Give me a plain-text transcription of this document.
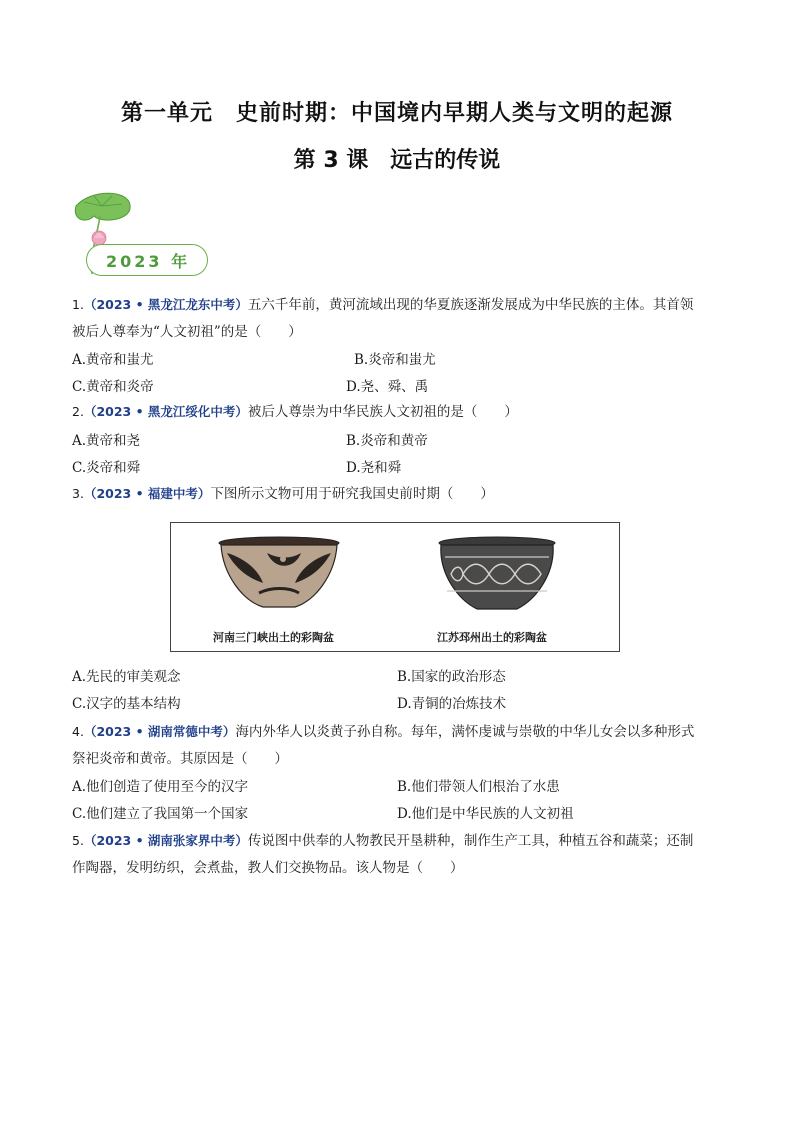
第一单元　史前时期：中国境内早期人类与文明的起源
第 3 课　远古的传说
2023 年
1.（2023 • 黑龙江龙东中考）五六千年前，黄河流域出现的华夏族逐渐发展成为中华民族的主体。其首领
被后人尊奉为“人文初祖”的是（　　）
A.黄帝和蚩尤	B.炎帝和蚩尤
C.黄帝和炎帝	D.尧、舜、禹
2.（2023 • 黑龙江绥化中考）被后人尊崇为中华民族人文初祖的是（　　）
A.黄帝和尧	B.炎帝和黄帝
C.炎帝和舜	D.尧和舜
3.（2023 • 福建中考）下图所示文物可用于研究我国史前时期（　　）
河南三门峡出土的彩陶盆	江苏邳州出土的彩陶盆
A.先民的审美观念	B.国家的政治形态
C.汉字的基本结构	D.青铜的冶炼技术
4.（2023 • 湖南常德中考）海内外华人以炎黄子孙自称。每年，满怀虔诚与崇敬的中华儿女会以多种形式
祭祀炎帝和黄帝。其原因是（　　）
A.他们创造了使用至今的汉字	B.他们带领人们根治了水患
C.他们建立了我国第一个国家	D.他们是中华民族的人文初祖
5.（2023 • 湖南张家界中考）传说图中供奉的人物教民开垦耕种，制作生产工具，种植五谷和蔬菜；还制
作陶器，发明纺织，会煮盐，教人们交换物品。该人物是（　　）
